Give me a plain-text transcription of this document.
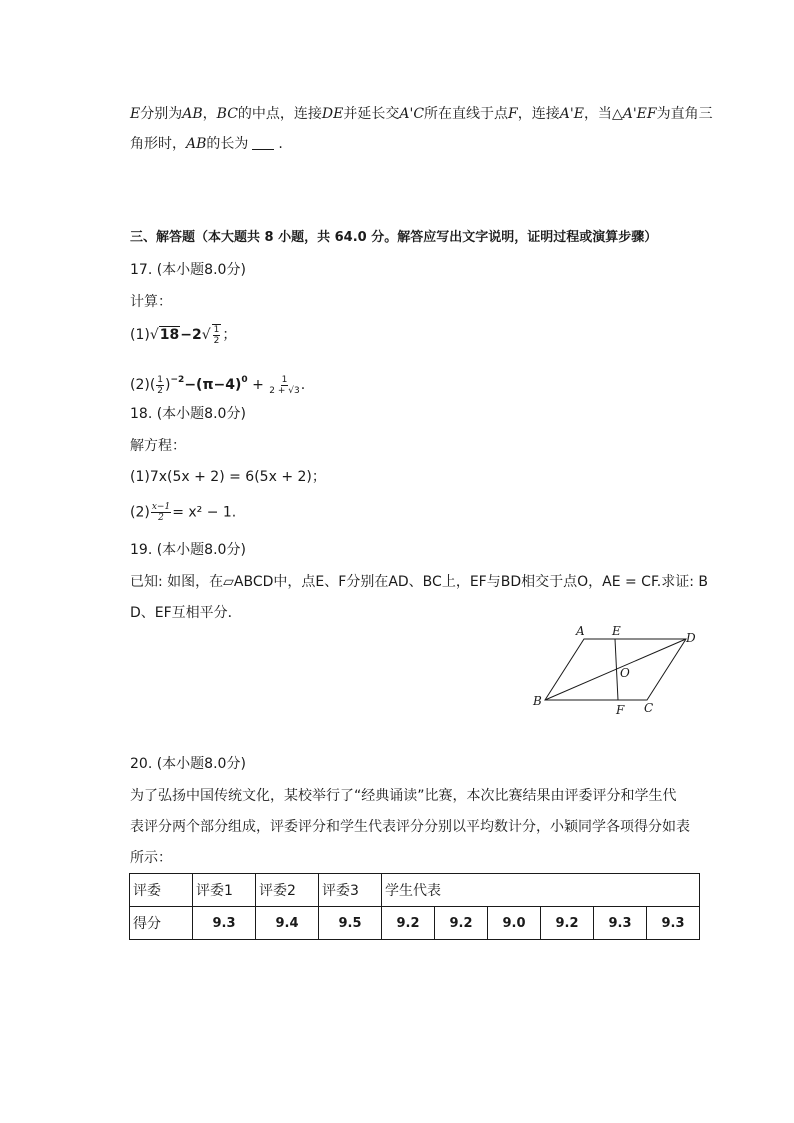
E分别为AB，BC的中点，连接DE并延长交A'C所在直线于点F，连接A'E，当△A'EF为直角三
角形时，AB的长为 .
三、解答题（本大题共 8 小题，共 64.0 分。解答应写出文字说明，证明过程或演算步骤）
17. (本小题8.0分)
计算：
$(1)√18-2√ \frac{1}{2}$ ；
$(2)( \frac{1}{2} )^{-2}-(\pi-4)^0 + \frac{1}{2 + √3}$ .
18. (本小题8.0分)
解方程：
(1)7x(5x + 2) = 6(5x + 2)；
$(2) \frac{x-1}{2} = x^2 - 1$.
19. (本小题8.0分)
已知: 如图，在▱ABCD中，点E、F分别在AD、BC上，EF与BD相交于点O，AE = CF.求证: B
D、EF互相平分．
A E	D
O
B
F C
20. (本小题8.0分)
为了弘扬中国传统文化，某校举行了“经典诵读”比赛，本次比赛结果由评委评分和学生代
表评分两个部分组成，评委评分和学生代表评分分别以平均数计分，小颖同学各项得分如表
所示：
评委	评委1	评委2	评委3	学生代表					
得分	9.3	9.4	9.5	9.2	9.2	9.0	9.2	9.3	9.3
